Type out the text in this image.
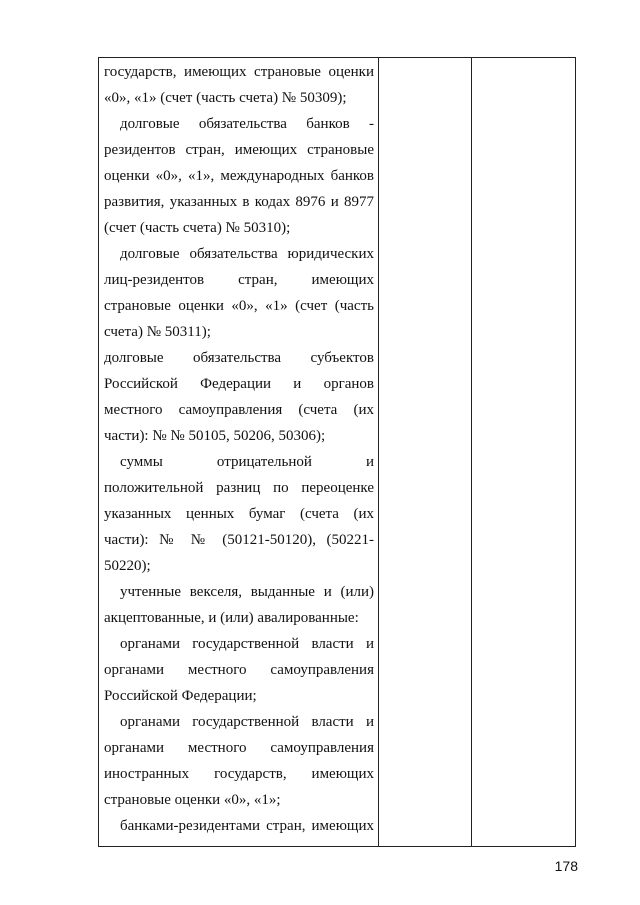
государств, имеющих страновые оценки
«0», «1» (счет (часть счета) № 50309);
долговые обязательства банков -
резидентов стран, имеющих страновые
оценки «0», «1», международных банков
развития, указанных в кодах 8976 и 8977
(счет (часть счета) № 50310);
долговые обязательства юридических
лиц-резидентов стран, имеющих
страновые оценки «0», «1» (счет (часть
счета) № 50311);
долговые обязательства субъектов
Российской Федерации и органов
местного самоуправления (счета (их
части): № № 50105, 50206, 50306);
суммы отрицательной и
положительной разниц по переоценке
указанных ценных бумаг (счета (их
части): № № (50121-50120), (50221-
50220);
учтенные векселя, выданные и (или)
акцептованные, и (или) авалированные:
органами государственной власти и
органами местного самоуправления
Российской Федерации;
органами государственной власти и
органами местного самоуправления
иностранных государств, имеющих
страновые оценки «0», «1»;
банками-резидентами стран, имеющих
178
